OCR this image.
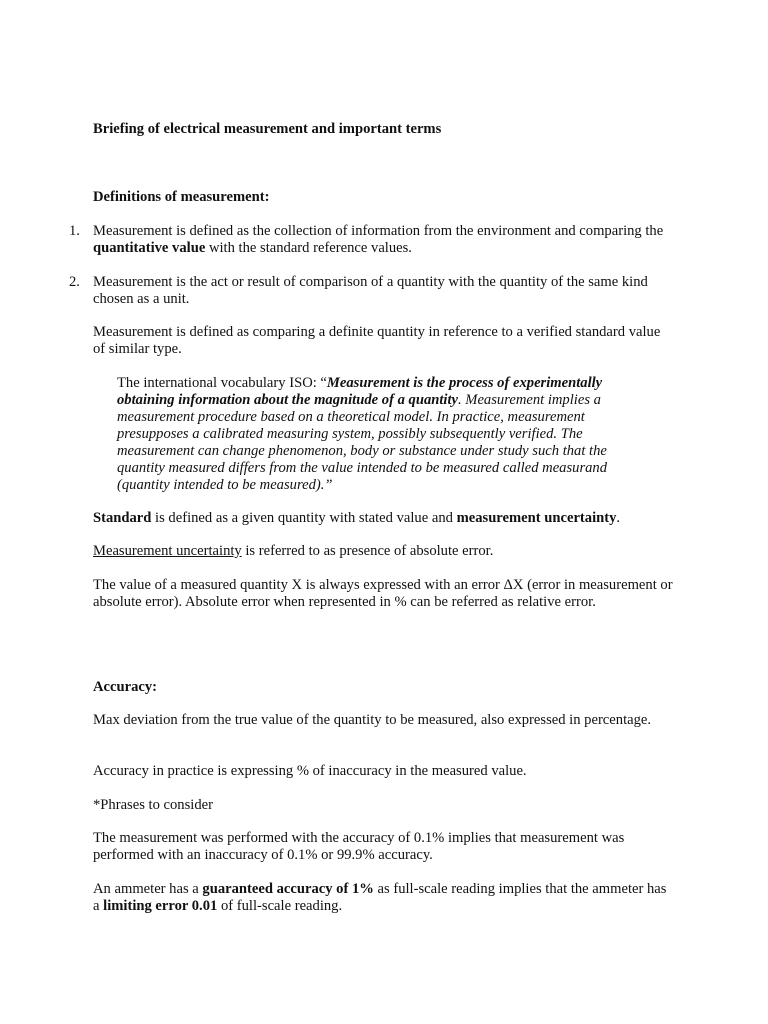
Briefing of electrical measurement and important terms

Definitions of measurement:

1. Measurement is defined as the collection of information from the environment and comparing the quantitative value with the standard reference values.

2. Measurement is the act or result of comparison of a quantity with the quantity of the same kind chosen as a unit.

Measurement is defined as comparing a definite quantity in reference to a verified standard value of similar type.

The international vocabulary ISO: “Measurement is the process of experimentally obtaining information about the magnitude of a quantity. Measurement implies a measurement procedure based on a theoretical model. In practice, measurement presupposes a calibrated measuring system, possibly subsequently verified. The measurement can change phenomenon, body or substance under study such that the quantity measured differs from the value intended to be measured called measurand (quantity intended to be measured).”

Standard is defined as a given quantity with stated value and measurement uncertainty.

Measurement uncertainty is referred to as presence of absolute error.

The value of a measured quantity X is always expressed with an error ΔX (error in measurement or absolute error). Absolute error when represented in % can be referred as relative error.

Accuracy:

Max deviation from the true value of the quantity to be measured, also expressed in percentage.

Accuracy in practice is expressing % of inaccuracy in the measured value.

*Phrases to consider

The measurement was performed with the accuracy of 0.1% implies that measurement was performed with an inaccuracy of 0.1% or 99.9% accuracy.

An ammeter has a guaranteed accuracy of 1% as full-scale reading implies that the ammeter has a limiting error 0.01 of full-scale reading.
